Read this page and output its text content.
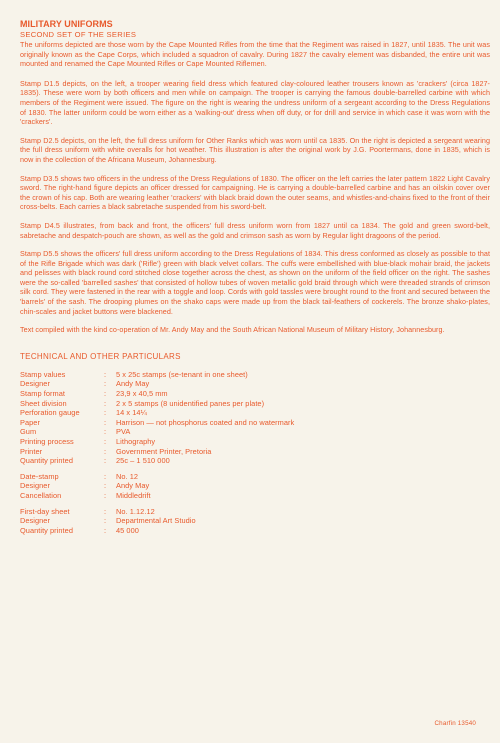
MILITARY UNIFORMS
SECOND SET OF THE SERIES

The uniforms depicted are those worn by the Cape Mounted Rifles from the time that the Regiment was raised in 1827, until 1835. The unit was originally known as the Cape Corps, which included a squadron of cavalry. During 1827 the cavalry element was disbanded, the entire unit was mounted and renamed the Cape Mounted Rifles or Cape Mounted Riflemen.

Stamp D1.5 depicts, on the left, a trooper wearing field dress which featured clay-coloured leather trousers known as 'crackers' (circa 1827-1835). These were worn by both officers and men while on campaign. The trooper is carrying the famous double-barrelled carbine with which members of the Regiment were issued. The figure on the right is wearing the undress uniform of a sergeant according to the Dress Regulations of 1830. The latter uniform could be worn either as a 'walking-out' dress when off duty, or for drill and service in which case it was worn with the 'crackers'.

Stamp D2.5 depicts, on the left, the full dress uniform for Other Ranks which was worn until ca 1835. On the right is depicted a sergeant wearing the full dress uniform with white overalls for hot weather. This illustration is after the original work by J.G. Poortermans, done in 1835, which is now in the collection of the Africana Museum, Johannesburg.

Stamp D3.5 shows two officers in the undress of the Dress Regulations of 1830. The officer on the left carries the later pattern 1822 Light Cavalry sword. The right-hand figure depicts an officer dressed for campaigning. He is carrying a double-barrelled carbine and has an oilskin cover over the crown of his cap. Both are wearing leather 'crackers' with black braid down the outer seams, and whistles-and-chains fixed to the front of their cross-belts. Each carries a black sabretache suspended from his sword-belt.

Stamp D4.5 illustrates, from back and front, the officers' full dress uniform worn from 1827 until ca 1834. The gold and green sword-belt, sabretache and despatch-pouch are shown, as well as the gold and crimson sash as worn by Regular light dragoons of the period.

Stamp D5.5 shows the officers' full dress uniform according to the Dress Regulations of 1834. This dress conformed as closely as possible to that of the Rifle Brigade which was dark ('Rifle') green with black velvet collars. The cuffs were embellished with blue-black mohair braid, the jackets and pelisses with black round cord stitched close together across the chest, as shown on the uniform of the field officer on the right. The sashes were the so-called 'barrelled sashes' that consisted of hollow tubes of woven metallic gold braid through which were threaded strands of crimson silk cord. They were fastened in the rear with a toggle and loop. Cords with gold tassles were brought round to the front and secured between the 'barrels' of the sash. The drooping plumes on the shako caps were made up from the black tail-feathers of cockerels. The bronze shako-plates, chin-scales and jacket buttons were blackened.

Text compiled with the kind co-operation of Mr. Andy May and the South African National Museum of Military History, Johannesburg.

TECHNICAL AND OTHER PARTICULARS
Stamp values	:	5 x 25c stamps (se-tenant in one sheet)
Designer	:	Andy May
Stamp format	:	23,9 x 40,5 mm
Sheet division	:	2 x 5 stamps (8 unidentified panes per plate)
Perforation gauge	:	14 x 14¼
Paper	:	Harrison — not phosphorus coated and no watermark
Gum	:	PVA
Printing process	:	Lithography
Printer	:	Government Printer, Pretoria
Quantity printed	:	25c – 1 510 000
Date-stamp	:	No. 12
Designer	:	Andy May
Cancellation	:	Middledrift
First-day sheet	:	No. 1.12.12
Designer	:	Departmental Art Studio
Quantity printed	:	45 000
Charfin 13540
